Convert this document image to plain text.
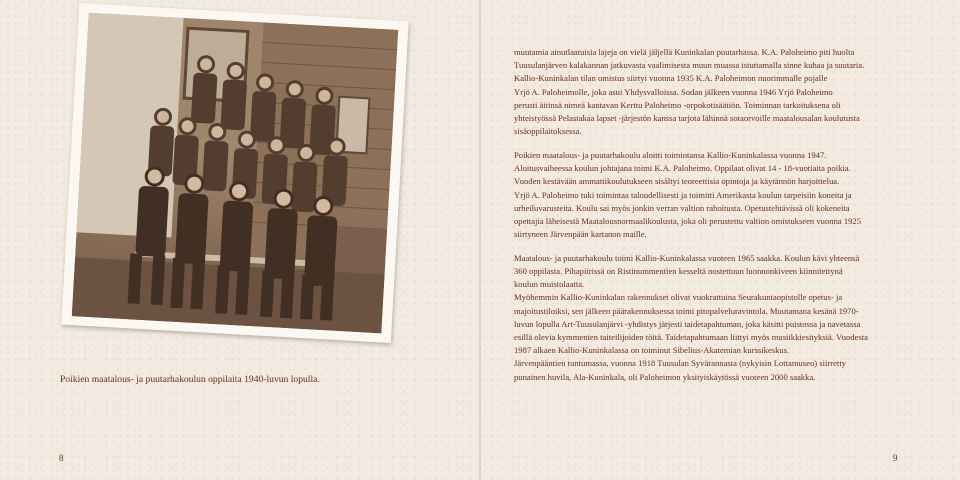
Poikien maatalous- ja puutarhakoulun oppilaita 1940-luvun lopulla.
8

muutamia ainutlaatuisia lajeja on vielä jäljellä Kuninkalan puutarhassa. K.A. Paloheimo piti huolta
Tuusulanjärven kalakannan jatkuvasta vaalimisesta muun muassa istuttamalla sinne kuhaa ja suutaria.
Kallio-Kuninkalan tilan omistus siirtyi vuonna 1935 K.A. Paloheimon nuorimmalle pojalle
Yrjö A. Paloheimolle, joka asui Yhdysvalloissa. Sodan jälkeen vuonna 1946 Yrjö Paloheimo
perusti äitinsä nimeä kantavan Kerttu Paloheimo -orpokotisäätiön. Toiminnan tarkoituksena oli
yhteistyössä Pelastakaa lapset -järjestön kanssa tarjota lähinnä sotaorvoille maatalousalan koulutusta
sisäoppilaitoksessa.

Poikien maatalous- ja puutarhakoulu aloitti toimintansa Kallio-Kuninkalassa vuonna 1947.
Aloitusvaiheessa koulun johtajana toimi K.A. Paloheimo. Oppilaat olivat 14 - 18-vuotiaita poikia.
Vuoden kestävään ammattikoulutukseen sisältyi teoreettisia opintoja ja käytännön harjoitteluа.
Yrjö A. Paloheimo tuki toimintaa taloudellisesti ja toimitti Amerikasta koulun tarpeisiin koneita ja
urheiluvarusteita. Koulu sai myös jonkin verran valtion rahoitusta. Opetustehtävissä oli kokeneita
opettajia läheisestä Maatalousnormaalikoulusta, joka oli perustettu valtion omistukseen vuonna 1925
siirtyneen Järvenpään kartanon maille.

Maatalous- ja puutarhakoulu toimi Kallio-Kuninkalassa vuoteen 1965 saakka. Koulun kävi yhteensä
360 oppilasta. Pihapiirissä on Ristinummentien kesseltä nostettuun luonnonkiveen kiinnitettynä
koulun muistolaatta.
Myöhemmin Kallio-Kuninkalan rakennukset olivat vuokrattuina Seurakuntaopistolle opetus- ja
majoitustiloiksi, sen jälkeen päärakennuksessa toimi pitopalveluravintola. Muutamana kesänä 1970-
luvun lopulla Art-Tuusulanjärvi -yhdistys järjesti taidetapahtuman, joka käsitti puistossa ja navetassa
esillä olevia kymmenien taiteilijoiden töitä. Taidetapahtumaan liittyi myös musiikkiesityksiä. Vuodesta
1987 alkaen Kallio-Kuninkalassa on toiminut Sibelius-Akatemian kurssikeskus.
Järvenpääntien tuntumassa, vuonna 1918 Tuusulan Syvärannasta (nykyisin Lottamuseo) siirretty
punainen huvila, Ala-Kuninkala, oli Paloheimon yksityiskäytössä vuoteen 2000 saakka.

9
